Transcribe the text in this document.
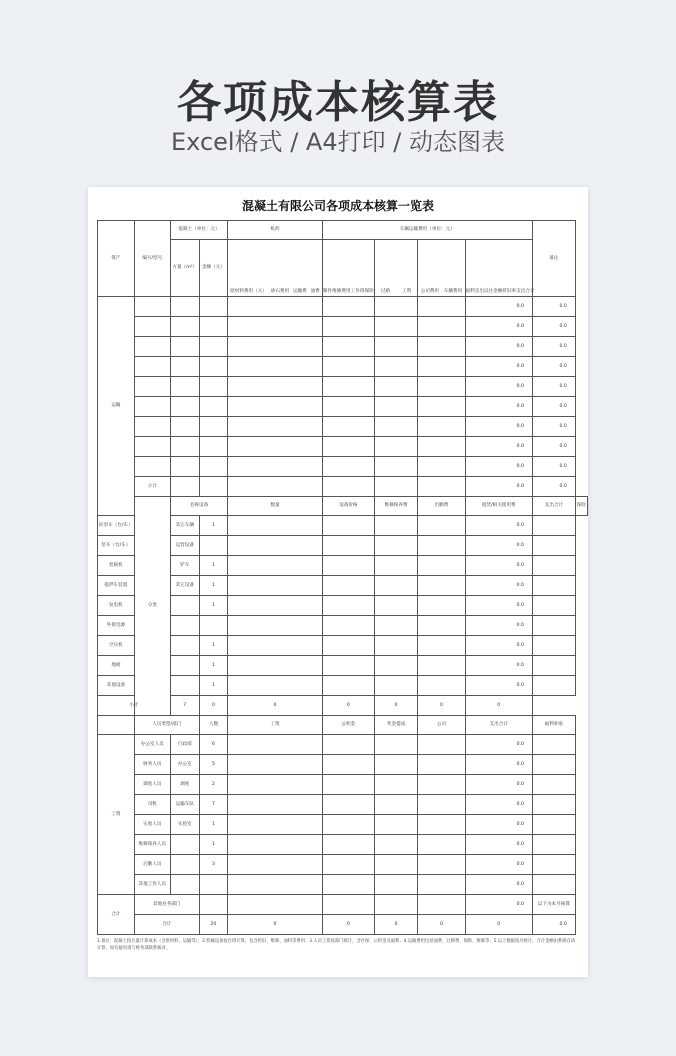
各项成本核算表
Excel格式 / A4打印 / 动态图表
混凝土有限公司各项成本核算一览表
资产	编号/型号	混凝土（单位：元）		机药	车辆运输费用（单位：元）				备注	
		方量（m³）	金额（元）	原材料费用（元） 砂石费用 运输费 油费	制件 维修费用 工作班 保险	过路 工资	公司费用 车辆费用	福利支出 以往金额 折旧率 支出合计		

运输								0.0	0.0	
								0.0	0.0	
								0.0	0.0	
								0.0	0.0	
								0.0	0.0	
								0.0	0.0	
								0.0	0.0	
								0.0	0.0	
								0.0	0.0	
	小计							0.0	0.0	
	分类	名称设备		数量	设备价格	维修保养费	出勤费	租赁/相关使用费	支出合计	保险
砼泵车（台/车）		其它车辆	1					0.0		
泵车（台/车）		运营设备						0.0		
装载机		铲车	1					0.0		
搅拌车装置		其它设备	1					0.0		
发电机			1					0.0		
外接电源								0.0		
空压机			1					0.0		
地磅			1					0.0		
其他设备			1					0.0		
小计		7	0	0	0	0	0	0		
	人员类型/部门		人数	工资	公积金	奖金提成	公司	支出合计	福利补贴	
工资	办公室人员	行政部	6					0.0		
	财务人员	办公室	5					0.0		
	调度人员	调度	2					0.0		
	司机	运输车队	7					0.0		
	实验人员	实验室	1					0.0		
	维修保养人员		1					0.0		
	后勤人员		3					0.0		
	其他工作人员							0.0		
合计	其他业务部门							0.0	以下为本月核算	
	合计		20	0	0	0	0	0	0.0	
1.备注：混凝土按方量计算成本（含原材料、运输等）；2.机械设备按台班计算，包含折旧、维修、油料等费用；3.人员工资按部门统计，含社保、公积金及福利；4.运输费用包括油费、过路费、保险、维修等；5.以上数据按月统计，合计金额由系统自动计算，如有疑问请与财务部联系核对。
